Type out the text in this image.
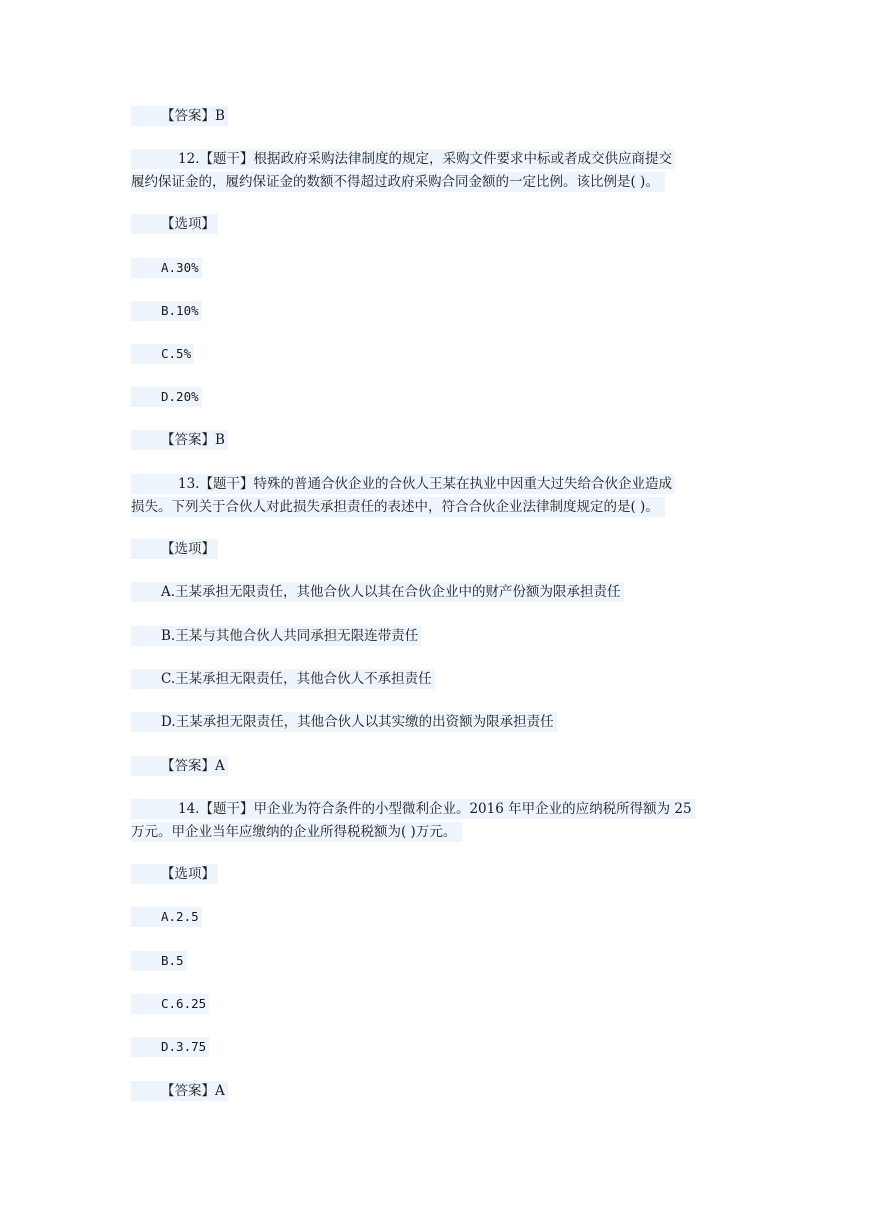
【答案】B
12.【题干】根据政府采购法律制度的规定，采购文件要求中标或者成交供应商提交
履约保证金的，履约保证金的数额不得超过政府采购合同金额的一定比例。该比例是( )。
【选项】
A.30%
B.10%
C.5%
D.20%
【答案】B
13.【题干】特殊的普通合伙企业的合伙人王某在执业中因重大过失给合伙企业造成
损失。下列关于合伙人对此损失承担责任的表述中，符合合伙企业法律制度规定的是( )。
【选项】
A.王某承担无限责任，其他合伙人以其在合伙企业中的财产份额为限承担责任
B.王某与其他合伙人共同承担无限连带责任
C.王某承担无限责任，其他合伙人不承担责任
D.王某承担无限责任，其他合伙人以其实缴的出资额为限承担责任
【答案】A
14.【题干】甲企业为符合条件的小型微利企业。2016 年甲企业的应纳税所得额为 25
万元。甲企业当年应缴纳的企业所得税税额为( )万元。
【选项】
A.2.5
B.5
C.6.25
D.3.75
【答案】A
